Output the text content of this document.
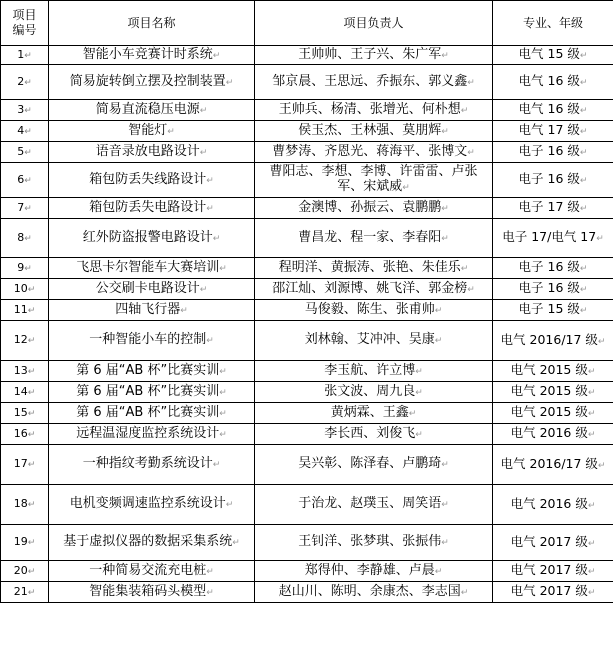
项目
编号	项目名称	项目负责人	专业、年级
1↵	智能小车竞赛计时系统↵	王帅帅、王子兴、朱广军↵	电气 15 级↵
2↵	简易旋转倒立摆及控制装置↵	邹京晨、王思远、乔振东、郭义鑫↵	电气 16 级↵
3↵	简易直流稳压电源↵	王帅兵、杨清、张增光、何朴想↵	电气 16 级↵
4↵	智能灯↵	侯玉杰、王林强、莫朋辉↵	电气 17 级↵
5↵	语音录放电路设计↵	曹梦涛、齐恩光、蒋海平、张博文↵	电子 16 级↵
6↵	箱包防丢失线路设计↵	曹阳志、李想、李博、许雷雷、卢张军、宋斌威↵	电子 16 级↵
7↵	箱包防丢失电路设计↵	金澳博、孙振云、袁鹏鹏↵	电子 17 级↵
8↵	红外防盗报警电路设计↵	曹昌龙、程一家、李春阳↵	电子 17/电气 17↵
9↵	飞思卡尔智能车大赛培训↵	程明洋、黄振涛、张艳、朱佳乐↵	电子 16 级↵
10↵	公交刷卡电路设计↵	邵江灿、刘源博、姚飞洋、郭金榜↵	电子 16 级↵
11↵	四轴飞行器↵	马俊毅、陈生、张甫帅↵	电子 15 级↵
12↵	一种智能小车的控制↵	刘林翰、艾冲冲、吴康↵	电气 2016/17 级↵
13↵	第 6 届“AB 杯”比赛实训↵	李玉航、许立博↵	电气 2015 级↵
14↵	第 6 届“AB 杯”比赛实训↵	张文波、周九良↵	电气 2015 级↵
15↵	第 6 届“AB 杯”比赛实训↵	黄炳霖、王鑫↵	电气 2015 级↵
16↵	远程温湿度监控系统设计↵	李长西、刘俊飞↵	电气 2016 级↵
17↵	一种指纹考勤系统设计↵	吴兴彰、陈泽春、卢鹏琦↵	电气 2016/17 级↵
18↵	电机变频调速监控系统设计↵	于治龙、赵璞玉、周笑语↵	电气 2016 级↵
19↵	基于虚拟仪器的数据采集系统↵	王钊洋、张梦琪、张振伟↵	电气 2017 级↵
20↵	一种简易交流充电桩↵	郑得仲、李静雄、卢晨↵	电气 2017 级↵
21↵	智能集装箱码头模型↵	赵山川、陈明、余康杰、李志国↵	电气 2017 级↵
